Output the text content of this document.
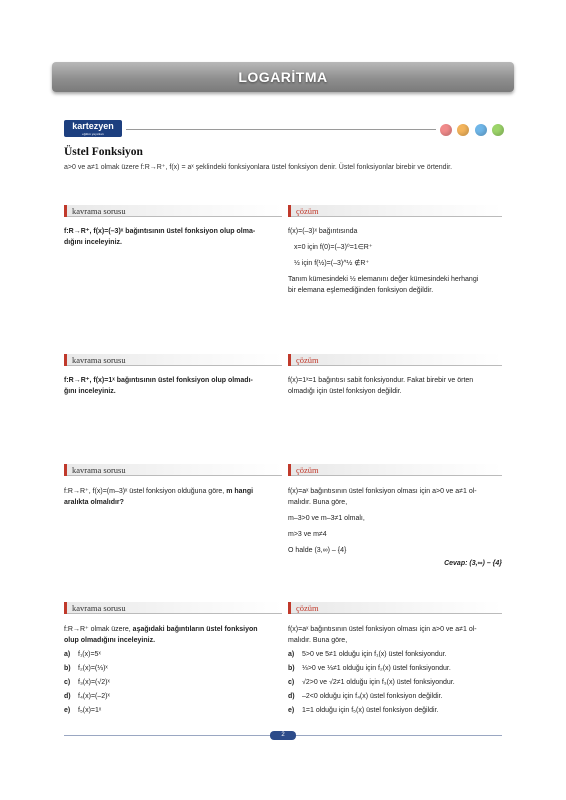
LOGARİTMA
kartezyen
eğitim yayınları

Üstel Fonksiyon
a>0 ve a≠1 olmak üzere f:R→R⁺, f(x) = aˣ şeklindeki fonksiyonlara üstel fonksiyon denir. Üstel fonksiyonlar birebir ve örtendir.
kavrama sorusu	çözüm

f:R→R⁺, f(x)=(–3)ˣ bağıntısının üstel fonksiyon olup olma-

dığını inceleyiniz.

f(x)=(–3)ˣ bağıntısında

x=0 için f(0)=(–3)⁰=1∈R⁺

½ için f(½)=(–3)^½ ∉R⁺

Tanım kümesindeki ½ elemanını değer kümesindeki herhangi

bir elemana eşlemediğinden fonksiyon değildir.

kavrama sorusu	çözüm

f:R→R⁺, f(x)=1ˣ bağıntısının üstel fonksiyon olup olmadı-

ğını inceleyiniz.

f(x)=1ˣ=1 bağıntısı sabit fonksiyondur. Fakat birebir ve örten

olmadığı için üstel fonksiyon değildir.

kavrama sorusu	çözüm

f:R→R⁺, f(x)=(m–3)ˣ üstel fonksiyon olduğuna göre, m hangi

aralıkta olmalıdır?

f(x)=aˣ bağıntısının üstel fonksiyon olması için a>0 ve a≠1 ol-

malıdır. Buna göre,

m–3>0 ve m–3≠1 olmalı,

m>3 ve m≠4

O halde (3,∞) – {4}

Cevap: (3,∞) – {4}

kavrama sorusu	çözüm

f:R→R⁺ olmak üzere, aşağıdaki bağıntıların üstel fonksiyon

olup olmadığını inceleyiniz.

a) f₁(x)=5ˣ

b) f₂(x)=(⅓)ˣ

c) f₃(x)=(√2)ˣ

d) f₄(x)=(–2)ˣ

e) f₅(x)=1ˣ

f(x)=aˣ bağıntısının üstel fonksiyon olması için a>0 ve a≠1 ol-

malıdır. Buna göre,

a) 5>0 ve 5≠1 olduğu için f₁(x) üstel fonksiyondur.

b) ⅓>0 ve ⅓≠1 olduğu için f₂(x) üstel fonksiyondur.

c) √2>0 ve √2≠1 olduğu için f₃(x) üstel fonksiyondur.

d) –2<0 olduğu için f₄(x) üstel fonksiyon değildir.

e) 1=1 olduğu için f₅(x) üstel fonksiyon değildir.

2
